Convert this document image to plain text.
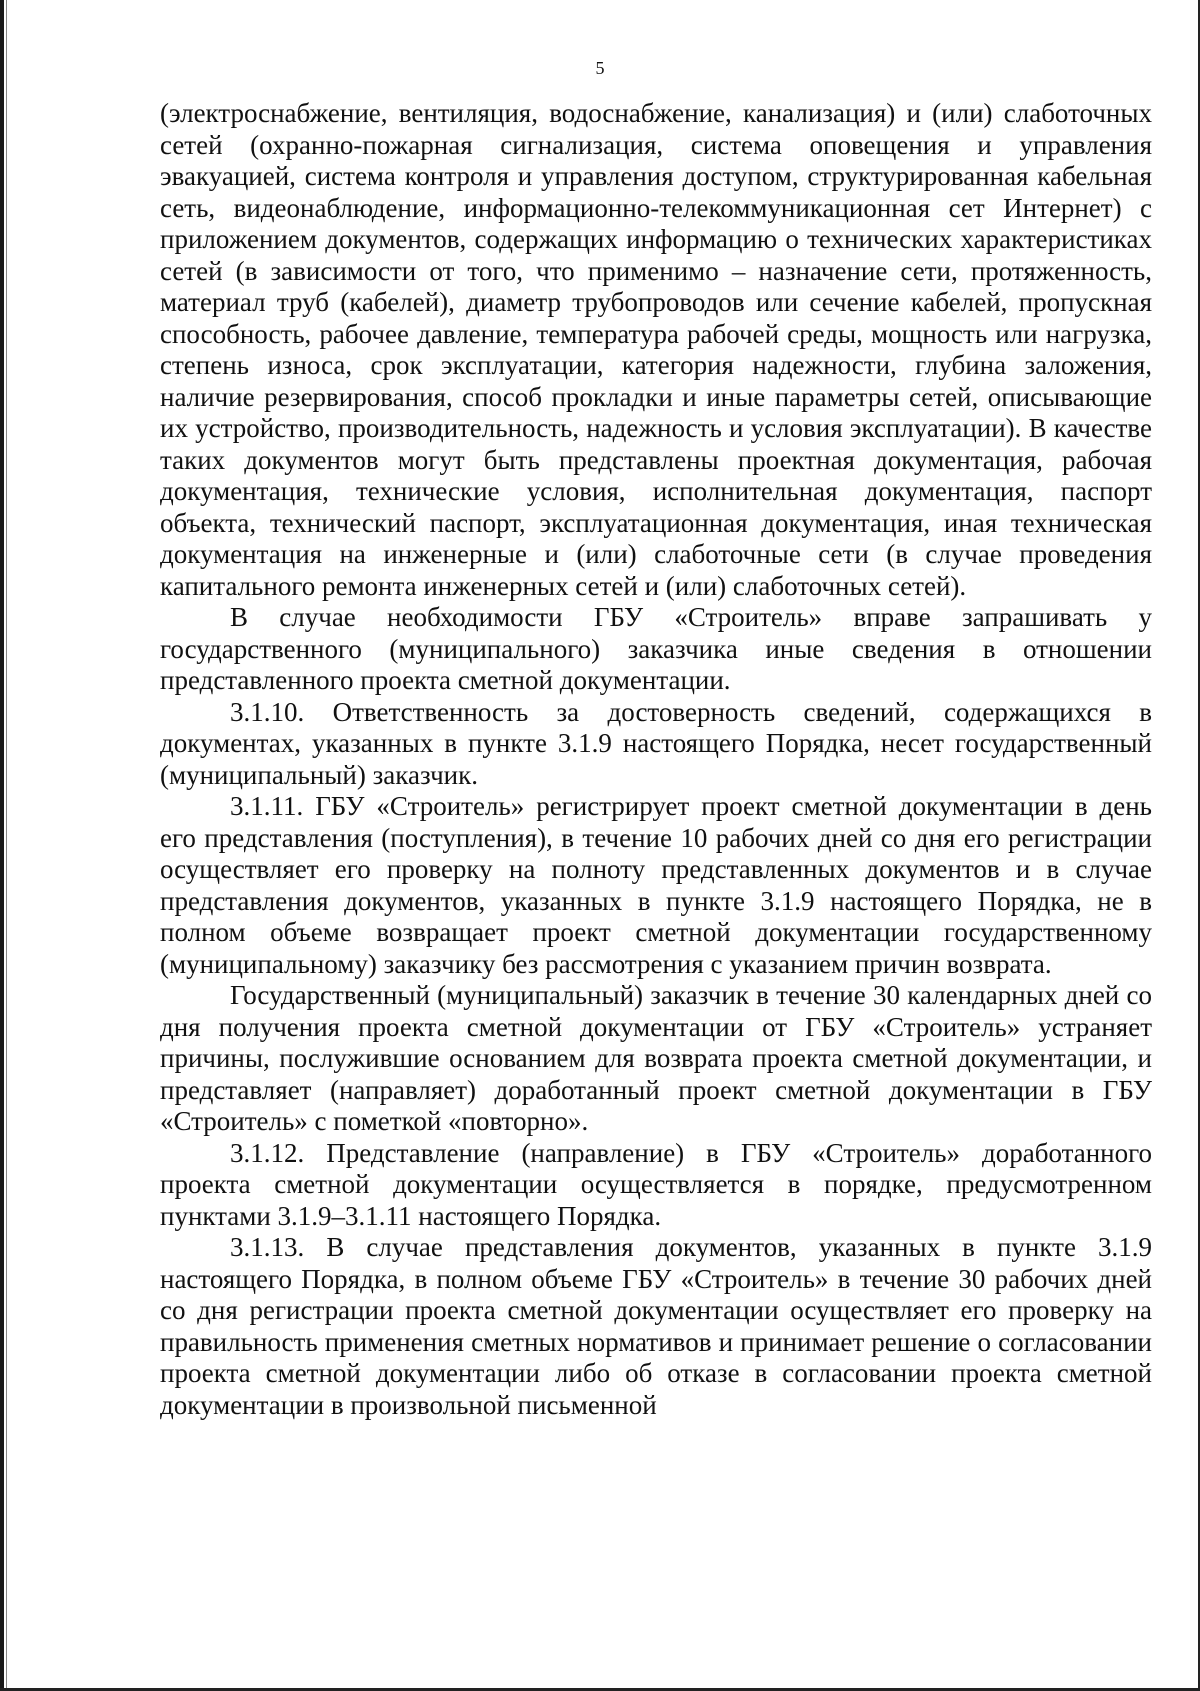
5

(электроснабжение, вентиляция, водоснабжение, канализация) и (или) слаботочных сетей (охранно-пожарная сигнализация, система оповещения и управления эвакуацией, система контроля и управления доступом, структурированная кабельная сеть, видеонаблюдение, информационно-телекоммуникационная сет Интернет) с приложением документов, содержащих информацию о технических характеристиках сетей (в зависимости от того, что применимо – назначение сети, протяженность, материал труб (кабелей), диаметр трубопроводов или сечение кабелей, пропускная способность, рабочее давление, температура рабочей среды, мощность или нагрузка, степень износа, срок эксплуатации, категория надежности, глубина заложения, наличие резервирования, способ прокладки и иные параметры сетей, описывающие их устройство, производительность, надежность и условия эксплуатации). В качестве таких документов могут быть представлены проектная документация, рабочая документация, технические условия, исполнительная документация, паспорт объекта, технический паспорт, эксплуатационная документация, иная техническая документация на инженерные и (или) слаботочные сети (в случае проведения капитального ремонта инженерных сетей и (или) слаботочных сетей).

В случае необходимости ГБУ «Строитель» вправе запрашивать у государственного (муниципального) заказчика иные сведения в отношении представленного проекта сметной документации.

3.1.10. Ответственность за достоверность сведений, содержащихся в документах, указанных в пункте 3.1.9 настоящего Порядка, несет государственный (муниципальный) заказчик.

3.1.11. ГБУ «Строитель» регистрирует проект сметной документации в день его представления (поступления), в течение 10 рабочих дней со дня его регистрации осуществляет его проверку на полноту представленных документов и в случае представления документов, указанных в пункте 3.1.9 настоящего Порядка, не в полном объеме возвращает проект сметной документации государственному (муниципальному) заказчику без рассмотрения с указанием причин возврата.

Государственный (муниципальный) заказчик в течение 30 календарных дней со дня получения проекта сметной документации от ГБУ «Строитель» устраняет причины, послужившие основанием для возврата проекта сметной документации, и представляет (направляет) доработанный проект сметной документации в ГБУ «Строитель» с пометкой «повторно».

3.1.12. Представление (направление) в ГБУ «Строитель» доработанного проекта сметной документации осуществляется в порядке, предусмотренном пунктами 3.1.9–3.1.11 настоящего Порядка.

3.1.13. В случае представления документов, указанных в пункте 3.1.9 настоящего Порядка, в полном объеме ГБУ «Строитель» в течение 30 рабочих дней со дня регистрации проекта сметной документации осуществляет его проверку на правильность применения сметных нормативов и принимает решение о согласовании проекта сметной документации либо об отказе в согласовании проекта сметной документации в произвольной письменной
